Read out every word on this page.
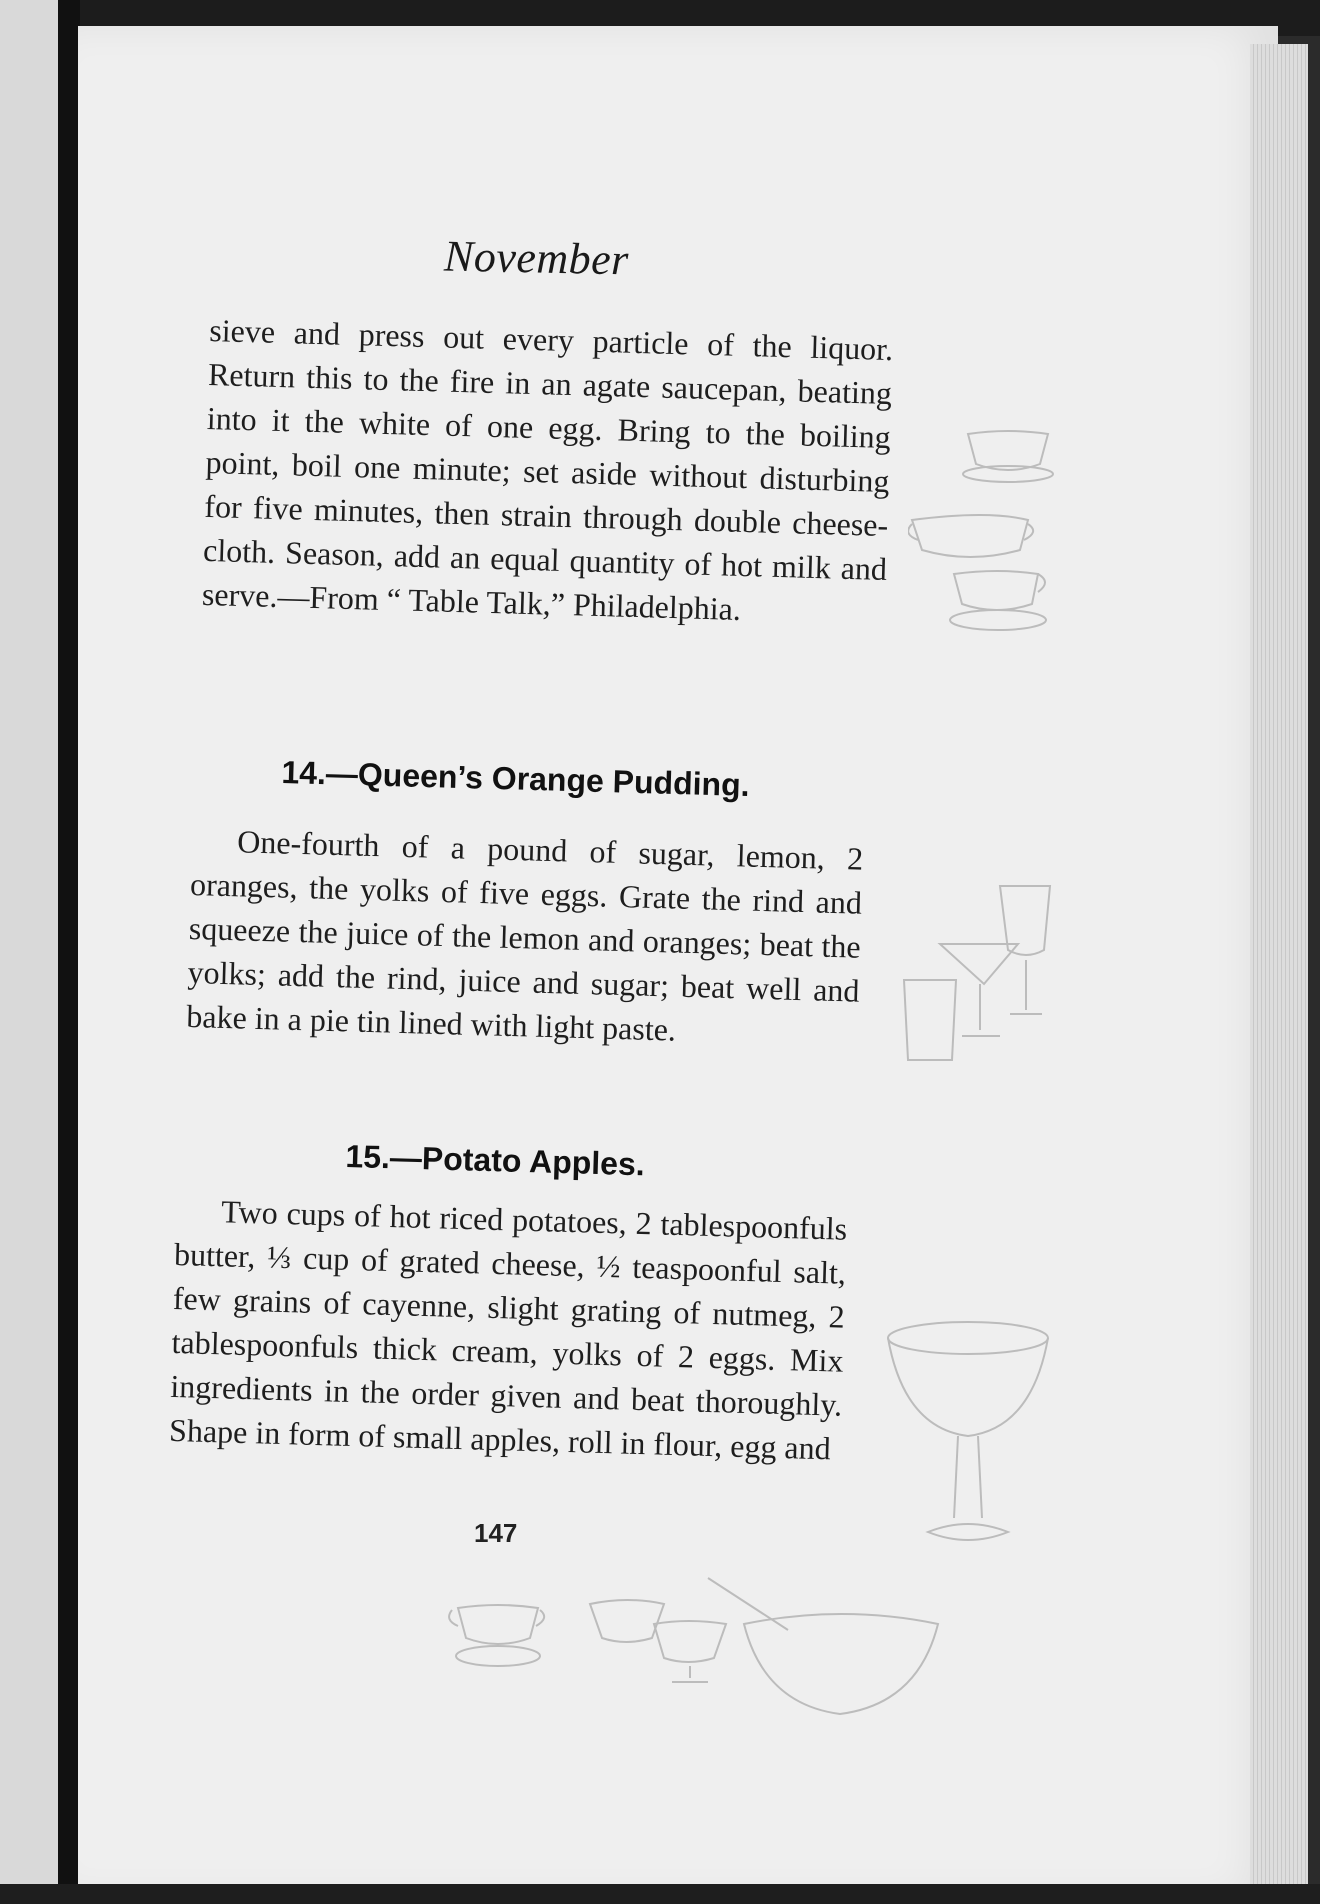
November

sieve and press out every particle of the liquor. Return this to the fire in an agate saucepan, beating into it the white of one egg. Bring to the boiling point, boil one minute; set aside without disturbing for five minutes, then strain through double cheese-cloth. Season, add an equal quantity of hot milk and serve.—From “ Table Talk,” Philadelphia.

14.—Queen’s Orange Pudding.

One-fourth of a pound of sugar, lemon, 2 oranges, the yolks of five eggs. Grate the rind and squeeze the juice of the lemon and oranges; beat the yolks; add the rind, juice and sugar; beat well and bake in a pie tin lined with light paste.

15.—Potato Apples.

Two cups of hot riced potatoes, 2 tablespoonfuls butter, ⅓ cup of grated cheese, ½ teaspoonful salt, few grains of cayenne, slight grating of nutmeg, 2 tablespoonfuls thick cream, yolks of 2 eggs. Mix ingredients in the order given and beat thoroughly. Shape in form of small apples, roll in flour, egg and

147
